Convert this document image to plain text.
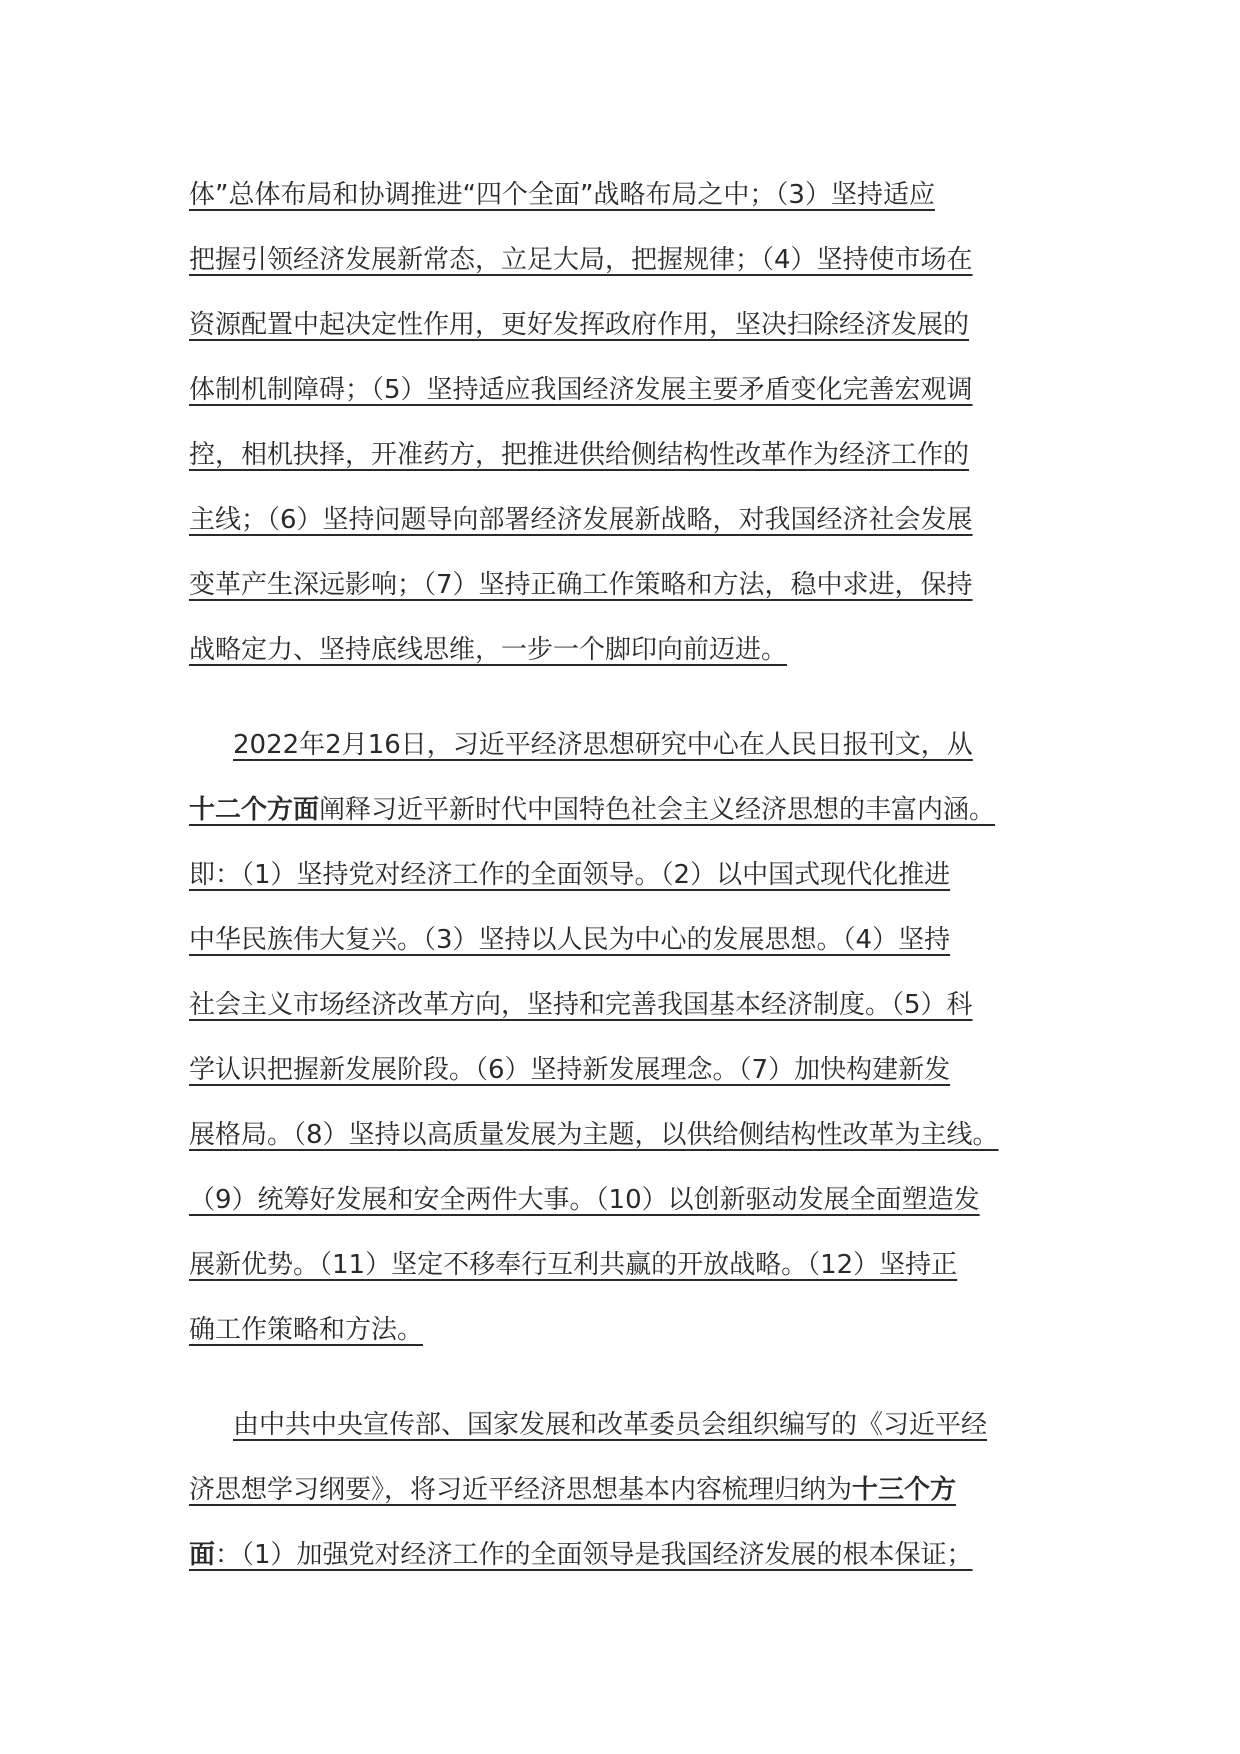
体”总体布局和协调推进“四个全面”战略布局之中；（3）坚持适应
把握引领经济发展新常态，立足大局，把握规律；（4）坚持使市场在
资源配置中起决定性作用，更好发挥政府作用，坚决扫除经济发展的
体制机制障碍；（5）坚持适应我国经济发展主要矛盾变化完善宏观调
控，相机抉择，开准药方，把推进供给侧结构性改革作为经济工作的
主线；（6）坚持问题导向部署经济发展新战略，对我国经济社会发展
变革产生深远影响；（7）坚持正确工作策略和方法，稳中求进，保持
战略定力、坚持底线思维，一步一个脚印向前迈进。
2022年2月16日，习近平经济思想研究中心在人民日报刊文，从
十二个方面阐释习近平新时代中国特色社会主义经济思想的丰富内涵。
即：（1）坚持党对经济工作的全面领导。（2）以中国式现代化推进
中华民族伟大复兴。（3）坚持以人民为中心的发展思想。（4）坚持
社会主义市场经济改革方向，坚持和完善我国基本经济制度。（5）科
学认识把握新发展阶段。（6）坚持新发展理念。（7）加快构建新发
展格局。（8）坚持以高质量发展为主题，以供给侧结构性改革为主线。
（9）统筹好发展和安全两件大事。（10）以创新驱动发展全面塑造发
展新优势。（11）坚定不移奉行互利共赢的开放战略。（12）坚持正
确工作策略和方法。
由中共中央宣传部、国家发展和改革委员会组织编写的《习近平经
济思想学习纲要》，将习近平经济思想基本内容梳理归纳为十三个方
面：（1）加强党对经济工作的全面领导是我国经济发展的根本保证；
